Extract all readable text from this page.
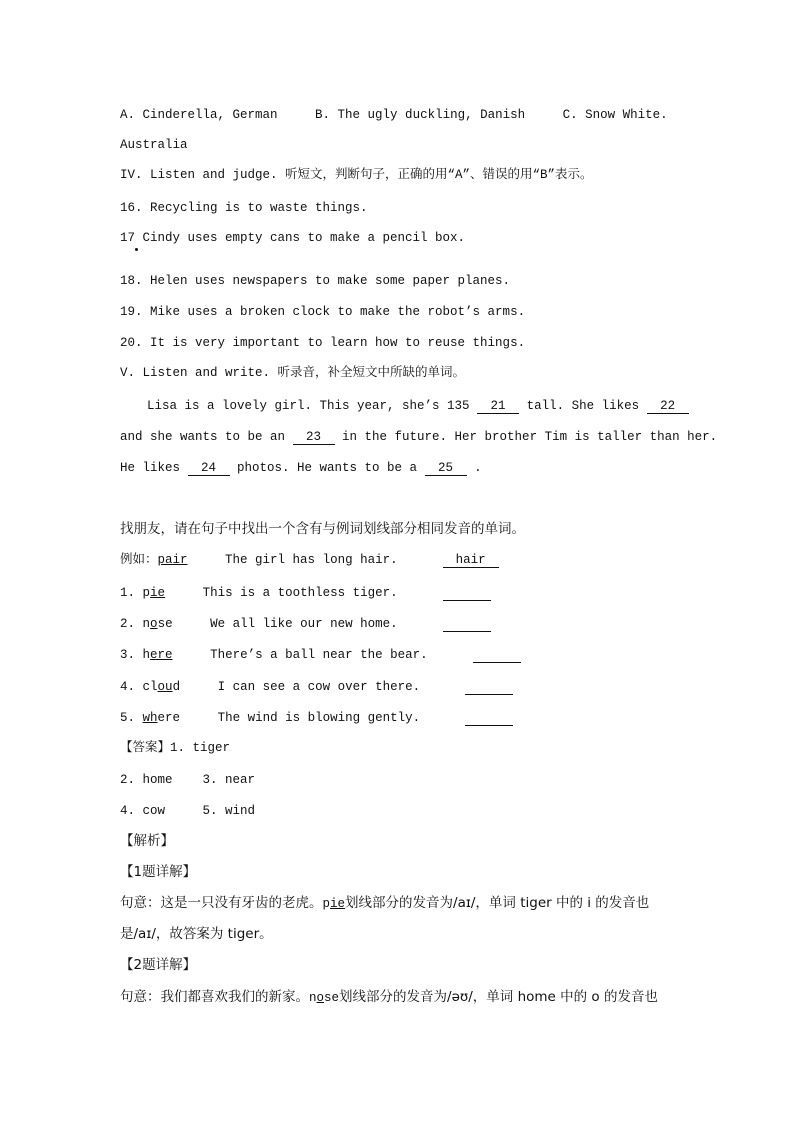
A. Cinderella, German	B. The ugly duckling, Danish	C. Snow White.
Australia
IV. Listen and judge. 听短文，判断句子，正确的用“A”、错误的用“B”表示。
16. Recycling is to waste things.
17 Cindy uses empty cans to make a pencil box.
18. Helen uses newspapers to make some paper planes.
19. Mike uses a broken clock to make the robot’s arms.
20. It is very important to learn how to reuse things.
V. Listen and write. 听录音，补全短文中所缺的单词。
Lisa is a lovely girl. This year, she’s 135 21 tall. She likes 22
and she wants to be an 23 in the future. Her brother Tim is taller than her.
He likes 24 photos. He wants to be a 25 .
找朋友，请在句子中找出一个含有与例词划线部分相同发音的单词。
例如：pair	The girl has long hair.	hair
1. pie	This is a toothless tiger.
2. nose	We all like our new home.
3. here	There’s a ball near the bear.
4. cloud	I can see a cow over there.
5. where	The wind is blowing gently.
【答案】1. tiger
2. home    3. near
4. cow     5. wind
【解析】
【1题详解】
句意：这是一只没有牙齿的老虎。pie划线部分的发音为/aɪ/，单词 tiger 中的 i 的发音也
是/aɪ/，故答案为 tiger。
【2题详解】
句意：我们都喜欢我们的新家。nose划线部分的发音为/əʊ/，单词 home 中的 o 的发音也
